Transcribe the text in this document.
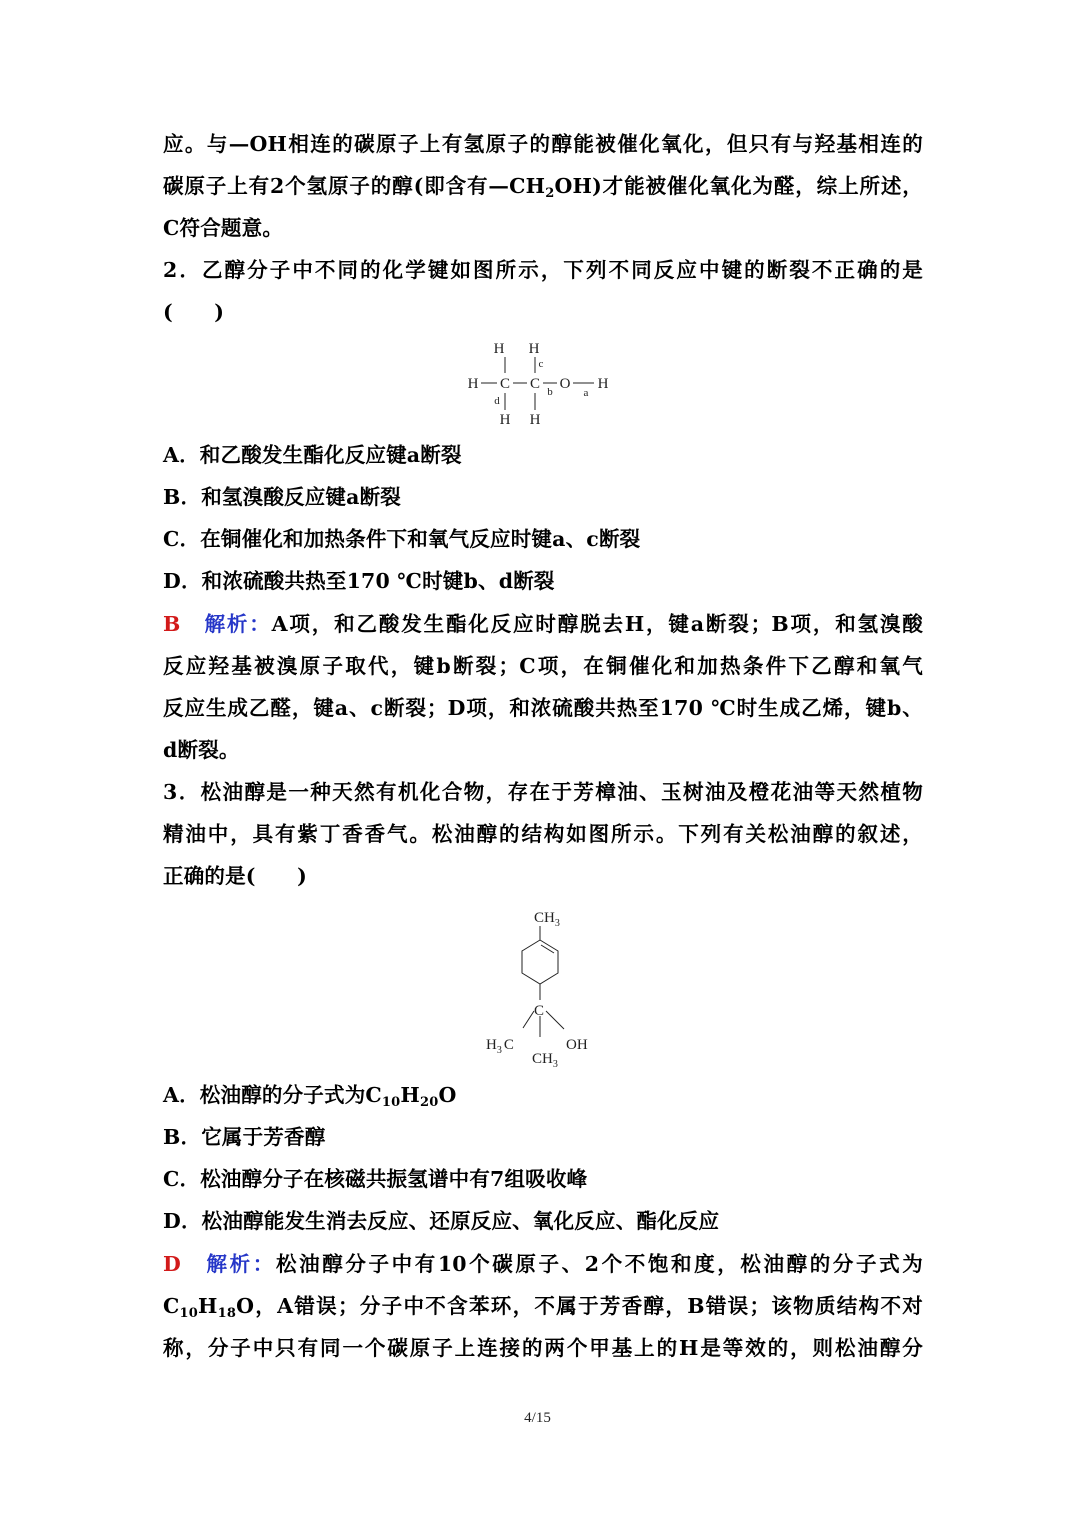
应。与—OH相连的碳原子上有氢原子的醇能被催化氧化，但只有与羟基相连的
碳原子上有2个氢原子的醇(即含有$—CH_2OH$)才能被催化氧化为醛，综上所述，
C符合题意。
2．乙醇分子中不同的化学键如图所示，下列不同反应中键的断裂不正确的是
(　　)
H H
H C C O H
H H
a
b
c
d
A．和乙酸发生酯化反应键a断裂
B．和氢溴酸反应键a断裂
C．在铜催化和加热条件下和氧气反应时键a、c断裂
D．和浓硫酸共热至170 ℃时键b、d断裂
B　 解析：A项，和乙酸发生酯化反应时醇脱去H，键a断裂；B项，和氢溴酸
反应羟基被溴原子取代，键b断裂；C项，在铜催化和加热条件下乙醇和氧气
反应生成乙醛，键a、c断裂；D项，和浓硫酸共热至170 ℃时生成乙烯，键b、
d断裂。
3．松油醇是一种天然有机化合物，存在于芳樟油、玉树油及橙花油等天然植物
精油中，具有紫丁香香气。松油醇的结构如图所示。下列有关松油醇的叙述，
正确的是(　　)
$CH_3$
C
$H_3$ C	OH
$CH_3$
A．松油醇的分子式为$C_{10}H_{20}O$
B．它属于芳香醇
C．松油醇分子在核磁共振氢谱中有7组吸收峰
D．松油醇能发生消去反应、还原反应、氧化反应、酯化反应
D　 解析：松油醇分子中有10个碳原子、2个不饱和度，松油醇的分子式为
$C_{10}H_{18}O$，A错误；分子中不含苯环，不属于芳香醇，B错误；该物质结构不对
称，分子中只有同一个碳原子上连接的两个甲基上的H是等效的，则松油醇分
4/15
